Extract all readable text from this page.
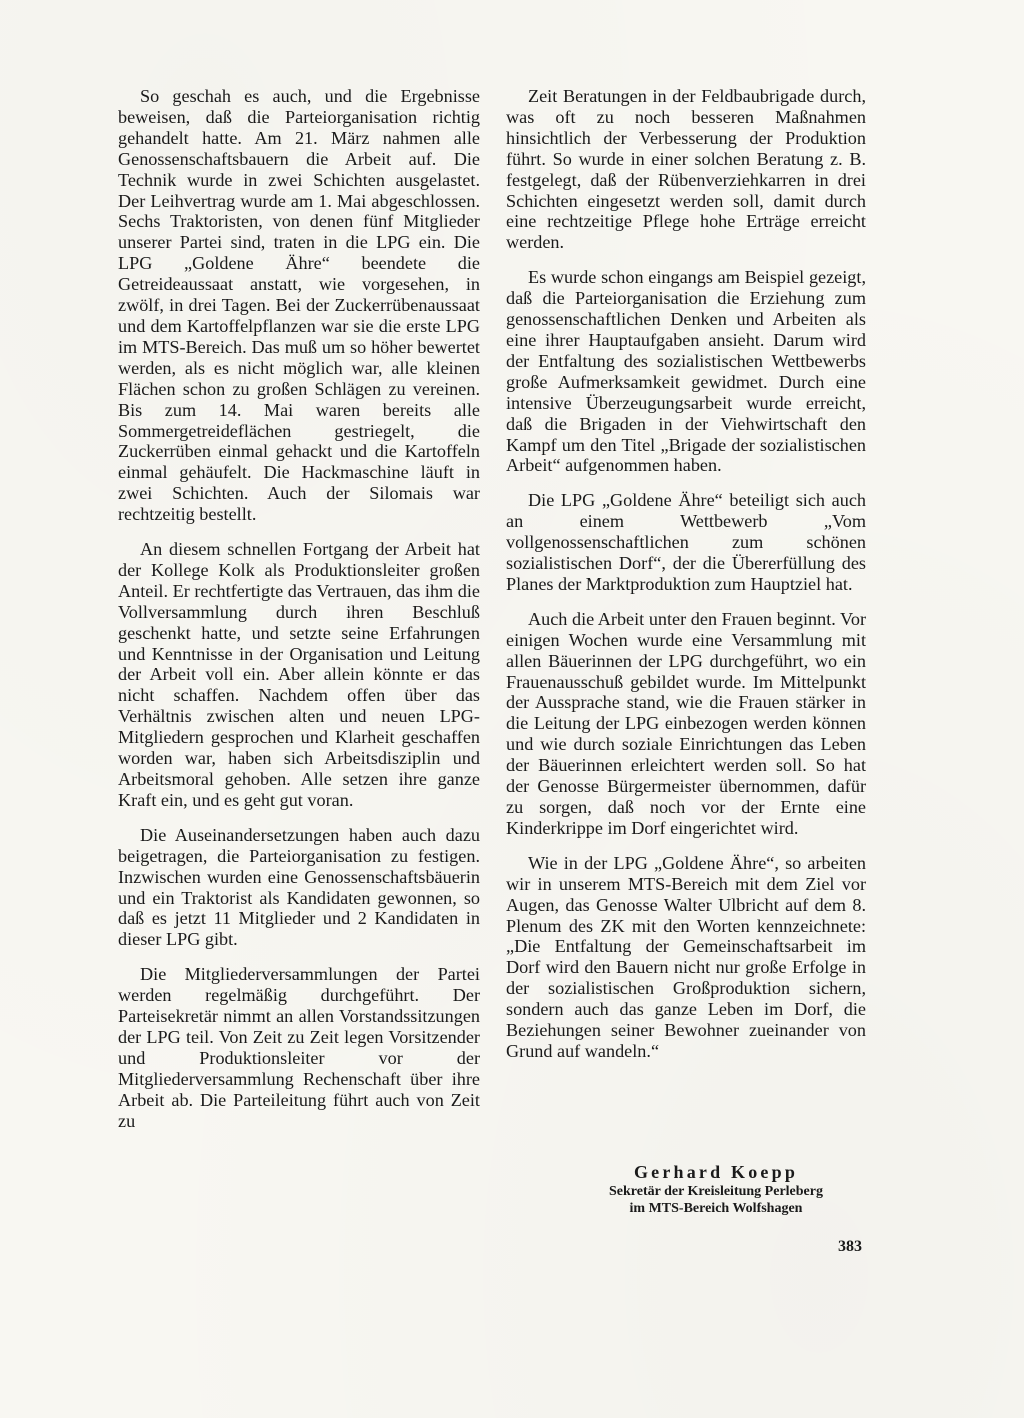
So geschah es auch, und die Ergebnisse beweisen, daß die Parteiorganisation richtig gehandelt hatte. Am 21. März nahmen alle Genossenschaftsbauern die Arbeit auf. Die Technik wurde in zwei Schichten ausgelastet. Der Leihvertrag wurde am 1. Mai abgeschlossen. Sechs Traktoristen, von denen fünf Mitglieder unserer Partei sind, traten in die LPG ein. Die LPG „Goldene Ähre“ beendete die Getreideaussaat anstatt, wie vorgesehen, in zwölf, in drei Tagen. Bei der Zuckerrübenaussaat und dem Kartoffelpflanzen war sie die erste LPG im MTS-Bereich. Das muß um so höher bewertet werden, als es nicht möglich war, alle kleinen Flächen schon zu großen Schlägen zu vereinen. Bis zum 14. Mai waren bereits alle Sommergetreideflächen gestriegelt, die Zuckerrüben einmal gehackt und die Kartoffeln einmal gehäufelt. Die Hackmaschine läuft in zwei Schichten. Auch der Silomais war rechtzeitig bestellt.

An diesem schnellen Fortgang der Arbeit hat der Kollege Kolk als Produktionsleiter großen Anteil. Er rechtfertigte das Vertrauen, das ihm die Vollversammlung durch ihren Beschluß geschenkt hatte, und setzte seine Erfahrungen und Kenntnisse in der Organisation und Leitung der Arbeit voll ein. Aber allein könnte er das nicht schaffen. Nachdem offen über das Verhältnis zwischen alten und neuen LPG-Mitgliedern gesprochen und Klarheit geschaffen worden war, haben sich Arbeitsdisziplin und Arbeitsmoral gehoben. Alle setzen ihre ganze Kraft ein, und es geht gut voran.

Die Auseinandersetzungen haben auch dazu beigetragen, die Parteiorganisation zu festigen. Inzwischen wurden eine Genossenschaftsbäuerin und ein Traktorist als Kandidaten gewonnen, so daß es jetzt 11 Mitglieder und 2 Kandidaten in dieser LPG gibt.

Die Mitgliederversammlungen der Partei werden regelmäßig durchgeführt. Der Parteisekretär nimmt an allen Vorstandssitzungen der LPG teil. Von Zeit zu Zeit legen Vorsitzender und Produktionsleiter vor der Mitgliederversammlung Rechenschaft über ihre Arbeit ab. Die Parteileitung führt auch von Zeit zu

Zeit Beratungen in der Feldbaubrigade durch, was oft zu noch besseren Maßnahmen hinsichtlich der Verbesserung der Produktion führt. So wurde in einer solchen Beratung z. B. festgelegt, daß der Rübenverziehkarren in drei Schichten eingesetzt werden soll, damit durch eine rechtzeitige Pflege hohe Erträge erreicht werden.

Es wurde schon eingangs am Beispiel gezeigt, daß die Parteiorganisation die Erziehung zum genossenschaftlichen Denken und Arbeiten als eine ihrer Hauptaufgaben ansieht. Darum wird der Entfaltung des sozialistischen Wettbewerbs große Aufmerksamkeit gewidmet. Durch eine intensive Überzeugungsarbeit wurde erreicht, daß die Brigaden in der Viehwirtschaft den Kampf um den Titel „Brigade der sozialistischen Arbeit“ aufgenommen haben.

Die LPG „Goldene Ähre“ beteiligt sich auch an einem Wettbewerb „Vom vollgenossenschaftlichen zum schönen sozialistischen Dorf“, der die Übererfüllung des Planes der Marktproduktion zum Hauptziel hat.

Auch die Arbeit unter den Frauen beginnt. Vor einigen Wochen wurde eine Versammlung mit allen Bäuerinnen der LPG durchgeführt, wo ein Frauenausschuß gebildet wurde. Im Mittelpunkt der Aussprache stand, wie die Frauen stärker in die Leitung der LPG einbezogen werden können und wie durch soziale Einrichtungen das Leben der Bäuerinnen erleichtert werden soll. So hat der Genosse Bürgermeister übernommen, dafür zu sorgen, daß noch vor der Ernte eine Kinderkrippe im Dorf eingerichtet wird.

Wie in der LPG „Goldene Ähre“, so arbeiten wir in unserem MTS-Bereich mit dem Ziel vor Augen, das Genosse Walter Ulbricht auf dem 8. Plenum des ZK mit den Worten kennzeichnete: „Die Entfaltung der Gemeinschaftsarbeit im Dorf wird den Bauern nicht nur große Erfolge in der sozialistischen Großproduktion sichern, sondern auch das ganze Leben im Dorf, die Beziehungen seiner Bewohner zueinander von Grund auf wandeln.“

Gerhard Koepp
Sekretär der Kreisleitung Perleberg
im MTS-Bereich Wolfshagen
383
